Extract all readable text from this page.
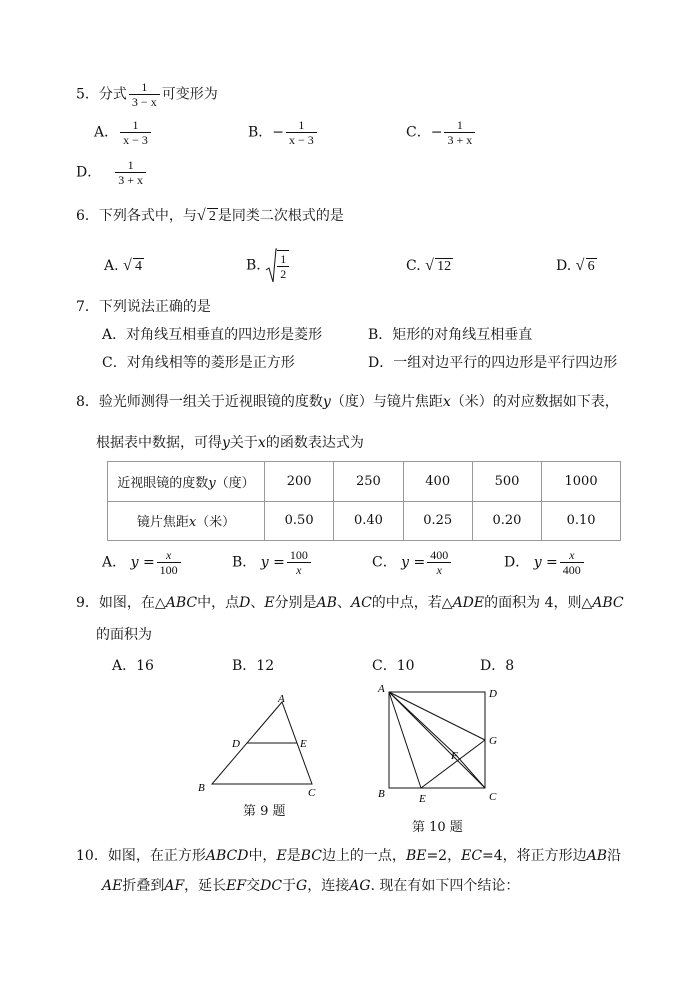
5．分式 $\frac{1}{3 - x}$ 可变形为
A． $\frac{1}{x - 3}$	B．− $\frac{1}{x - 3}$	C．− $\frac{1}{3 + x}$
D． $\frac{1}{3 + x}$
6．下列各式中，与 √ 2 是同类二次根式的是
A. √ 4	B. $\frac{1}{2}$	C. √ 12	D. √ 6
7．下列说法正确的是
A．对角线互相垂直的四边形是菱形	B．矩形的对角线互相垂直
C．对角线相等的菱形是正方形	D．一组对边平行的四边形是平行四边形
8．验光师测得一组关于近视眼镜的度数y（度）与镜片焦距x（米）的对应数据如下表，
根据表中数据，可得y关于x的函数表达式为
近视眼镜的度数y（度）	200	250	400	500	1000
镜片焦距x（米）	0.50	0.40	0.25	0.20	0.10
A． $y = \frac{x}{100}$	B． $y = \frac{100}{x}$	C． $y = \frac{400}{x}$	D． $y = \frac{x}{400}$
9．如图，在△ABC中，点D、E分别是AB、AC的中点，若△ADE的面积为 4，则△ABC
的面积为
A．16	B．12	C．10	D．8
A
B	C
D	E
第 9 题
A
B	C
D
E
F
G
第 10 题
10．如图，在正方形ABCD中，E是BC边上的一点，BE=2，EC=4，将正方形边AB沿
AE折叠到AF，延长EF交DC于G，连接AG. 现在有如下四个结论：
